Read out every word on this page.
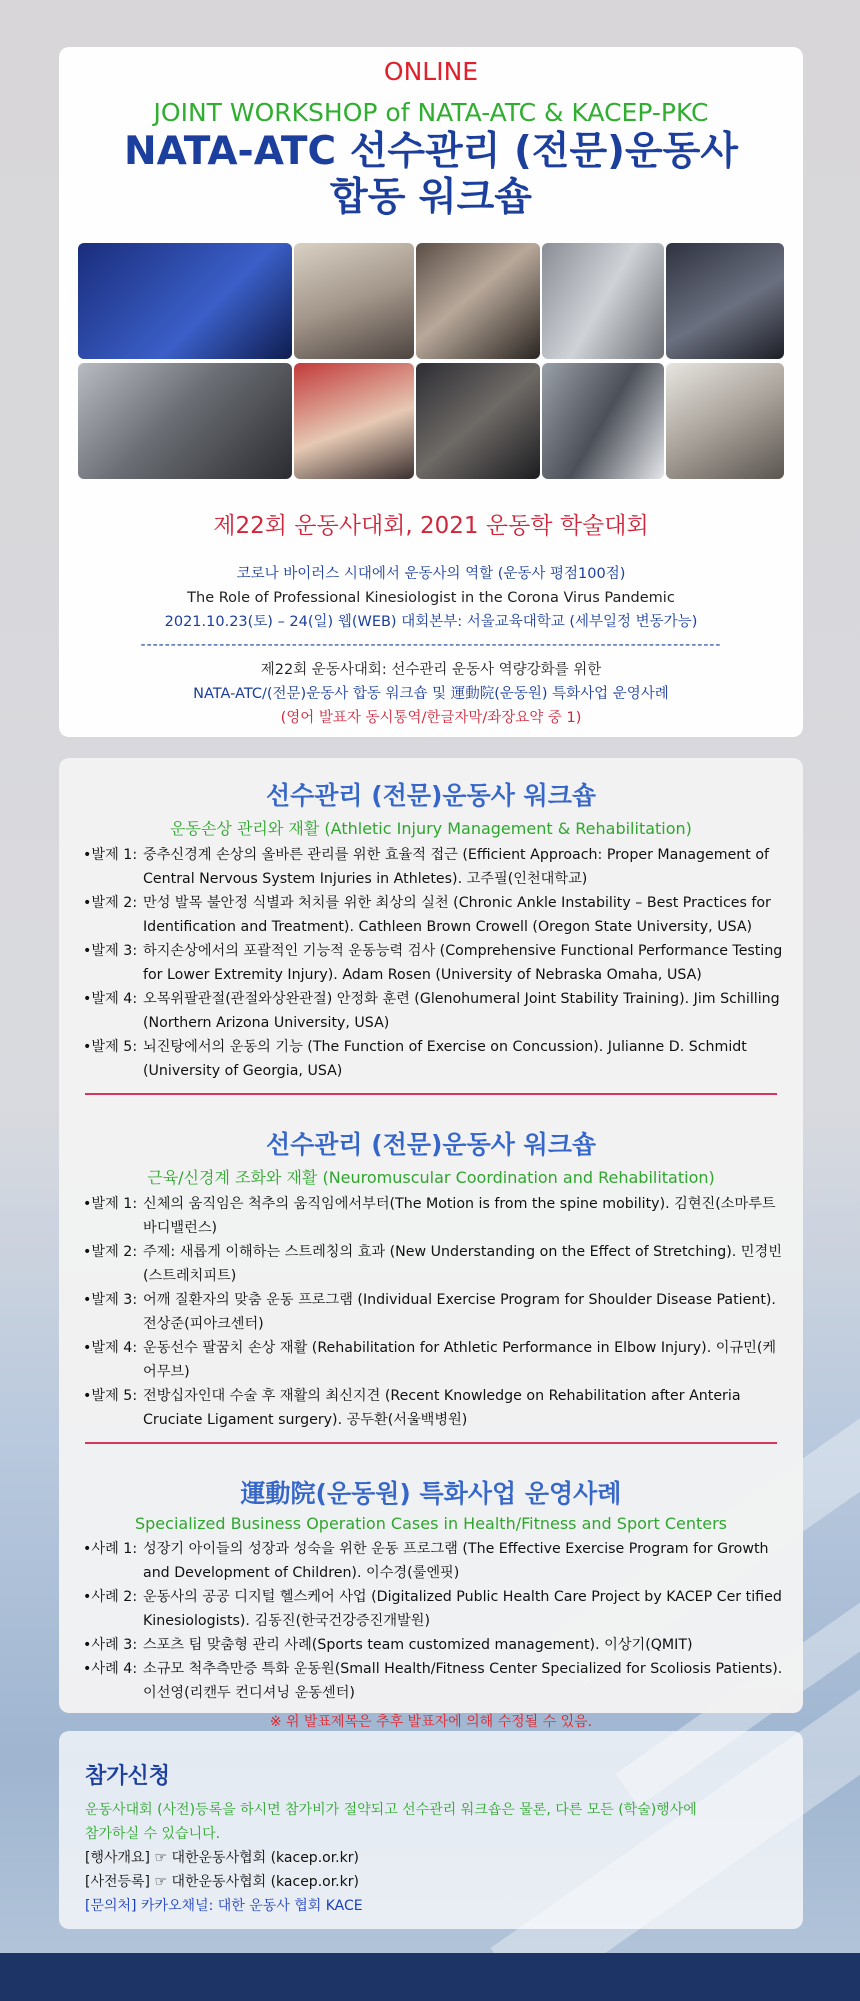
ONLINE
JOINT WORKSHOP of NATA-ATC & KACEP-PKC
NATA-ATC 선수관리 (전문)운동사
합동 워크숍
제22회 운동사대회, 2021 운동학 학술대회
코로나 바이러스 시대에서 운동사의 역할 (운동사 평점100점)
The Role of Professional Kinesiologist in the Corona Virus Pandemic
2021.10.23(토) – 24(일) 웹(WEB) 대회본부: 서울교육대학교 (세부일정 변동가능)
------------------------------------------------------------------------------------------------
제22회 운동사대회: 선수관리 운동사 역량강화를 위한
NATA-ATC/(전문)운동사 합동 워크숍 및 運動院(운동원) 특화사업 운영사례
(영어 발표자 동시통역/한글자막/좌장요약 중 1)
선수관리 (전문)운동사 워크숍
운동손상 관리와 재활 (Athletic Injury Management & Rehabilitation)
•발제 1: 중추신경계 손상의 올바른 관리를 위한 효율적 접근 (Efficient Approach: Proper Management of Central Nervous System Injuries in Athletes). 고주필(인천대학교)
•발제 2: 만성 발목 불안정 식별과 처치를 위한 최상의 실천 (Chronic Ankle Instability – Best Practices for Identification and Treatment). Cathleen Brown Crowell (Oregon State University, USA)
•발제 3: 하지손상에서의 포괄적인 기능적 운동능력 검사 (Comprehensive Functional Performance Testing for Lower Extremity Injury). Adam Rosen (University of Nebraska Omaha, USA)
•발제 4: 오목위팔관절(관절와상완관절) 안정화 훈련 (Glenohumeral Joint Stability Training). Jim Schilling (Northern Arizona University, USA)
•발제 5: 뇌진탕에서의 운동의 기능 (The Function of Exercise on Concussion). Julianne D. Schmidt (University of Georgia, USA)
선수관리 (전문)운동사 워크숍
근육/신경계 조화와 재활 (Neuromuscular Coordination and Rehabilitation)
•발제 1: 신체의 움직임은 척추의 움직임에서부터(The Motion is from the spine mobility). 김현진(소마루트바디밸런스)
•발제 2: 주제: 새롭게 이해하는 스트레칭의 효과 (New Understanding on the Effect of Stretching). 민경빈(스트레치피트)
•발제 3: 어깨 질환자의 맞춤 운동 프로그램 (Individual Exercise Program for Shoulder Disease Patient). 전상준(피아크센터)
•발제 4: 운동선수 팔꿈치 손상 재활 (Rehabilitation for Athletic Performance in Elbow Injury). 이규민(케어무브)
•발제 5: 전방십자인대 수술 후 재활의 최신지견 (Recent Knowledge on Rehabilitation after Anteria Cruciate Ligament surgery). 공두환(서울백병원)
運動院(운동원) 특화사업 운영사례
Specialized Business Operation Cases in Health/Fitness and Sport Centers
•사례 1: 성장기 아이들의 성장과 성숙을 위한 운동 프로그램 (The Effective Exercise Program for Growth and Development of Children). 이수경(룰엔핏)
•사례 2: 운동사의 공공 디지털 헬스케어 사업 (Digitalized Public Health Care Project by KACEP Cer tified Kinesiologists). 김동진(한국건강증진개발원)
•사례 3: 스포츠 팀 맞춤형 관리 사례(Sports team customized management). 이상기(QMIT)
•사례 4: 소규모 척추측만증 특화 운동원(Small Health/Fitness Center Specialized for Scoliosis Patients). 이선영(리캔두 컨디셔닝 운동센터)
※ 위 발표제목은 추후 발표자에 의해 수정될 수 있음.
참가신청
운동사대회 (사전)등록을 하시면 참가비가 절약되고 선수관리 워크숍은 물론, 다른 모든 (학술)행사에
참가하실 수 있습니다.
[행사개요] ☞ 대한운동사협회 (kacep.or.kr)
[사전등록] ☞ 대한운동사협회 (kacep.or.kr)
[문의처] 카카오채널: 대한 운동사 협회 KACE
